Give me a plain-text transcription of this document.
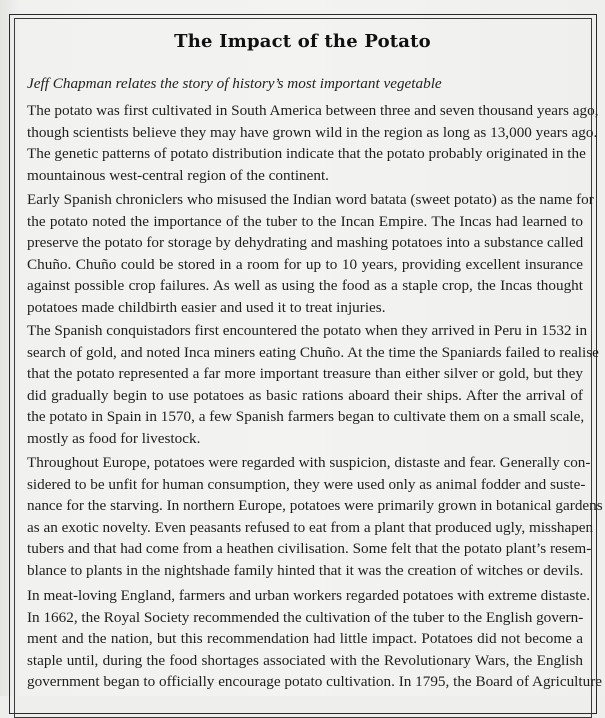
The Impact of the Potato
Jeff Chapman relates the story of history’s most important vegetable
The potato was first cultivated in South America between three and seven thousand years ago,
though scientists believe they may have grown wild in the region as long as 13,000 years ago.
The genetic patterns of potato distribution indicate that the potato probably originated in the
mountainous west-central region of the continent.
Early Spanish chroniclers who misused the Indian word batata (sweet potato) as the name for
the potato noted the importance of the tuber to the Incan Empire. The Incas had learned to
preserve the potato for storage by dehydrating and mashing potatoes into a substance called
Chuño. Chuño could be stored in a room for up to 10 years, providing excellent insurance
against possible crop failures. As well as using the food as a staple crop, the Incas thought
potatoes made childbirth easier and used it to treat injuries.
The Spanish conquistadors first encountered the potato when they arrived in Peru in 1532 in
search of gold, and noted Inca miners eating Chuño. At the time the Spaniards failed to realise
that the potato represented a far more important treasure than either silver or gold, but they
did gradually begin to use potatoes as basic rations aboard their ships. After the arrival of
the potato in Spain in 1570, a few Spanish farmers began to cultivate them on a small scale,
mostly as food for livestock.
Throughout Europe, potatoes were regarded with suspicion, distaste and fear. Generally con-
sidered to be unfit for human consumption, they were used only as animal fodder and suste-
nance for the starving. In northern Europe, potatoes were primarily grown in botanical gardens
as an exotic novelty. Even peasants refused to eat from a plant that produced ugly, misshapen
tubers and that had come from a heathen civilisation. Some felt that the potato plant’s resem-
blance to plants in the nightshade family hinted that it was the creation of witches or devils.
In meat-loving England, farmers and urban workers regarded potatoes with extreme distaste.
In 1662, the Royal Society recommended the cultivation of the tuber to the English govern-
ment and the nation, but this recommendation had little impact. Potatoes did not become a
staple until, during the food shortages associated with the Revolutionary Wars, the English
government began to officially encourage potato cultivation. In 1795, the Board of Agriculture
